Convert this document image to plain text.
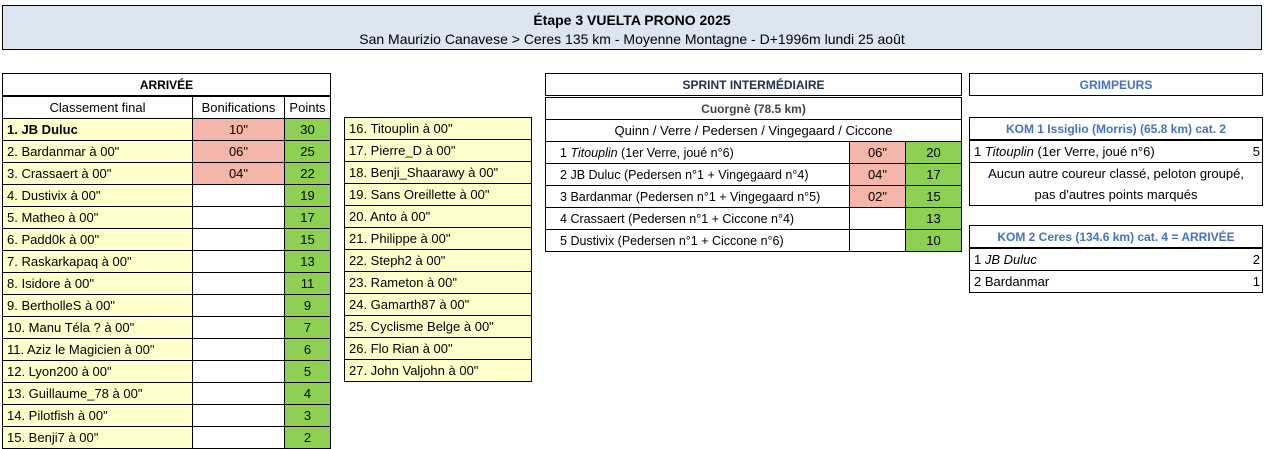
Étape 3 VUELTA PRONO 2025
San Maurizio Canavese > Ceres 135 km - Moyenne Montagne - D+1996m lundi 25 août
ARRIVÉE		
Classement final	Bonifications	Points
1. JB Duluc	10"	30
2. Bardanmar à 00"	06"	25
3. Crassaert à 00"	04"	22
4. Dustivix à 00"		19
5. Matheo à 00"		17
6. Padd0k à 00"		15
7. Raskarkapaq à 00"		13
8. Isidore à 00"		11
9. BertholleS à 00"		9
10. Manu Téla ? à 00"		7
11. Aziz le Magicien à 00"		6
12. Lyon200 à 00"		5
13. Guillaume_78 à 00"		4
14. Pilotfish à 00"		3
15. Benji7 à 00"		2
16. Titouplin à 00"
17. Pierre_D à 00"
18. Benji_Shaarawy à 00"
19. Sans Oreillette à 00"
20. Anto à 00"
21. Philippe à 00"
22. Steph2 à 00"
23. Rameton à 00"
24. Gamarth87 à 00"
25. Cyclisme Belge à 00"
26. Flo Rian à 00"
27. John Valjohn à 00"
SPRINT INTERMÉDIAIRE		

Cuorgnè (78.5 km)		
Quinn / Verre / Pedersen / Vingegaard / Ciccone		
1 Titouplin (1er Verre, joué n°6)	06"	20
2 JB Duluc (Pedersen n°1 + Vingegaard n°4)	04"	17
3 Bardanmar (Pedersen n°1 + Vingegaard n°5)	02"	15
4 Crassaert (Pedersen n°1 + Ciccone n°4)		13
5 Dustivix (Pedersen n°1 + Ciccone n°6)		10
GRIMPEURS
KOM 1 Issiglio (Morris) (65.8 km) cat. 2
1 Titouplin (1er Verre, joué n°6)	5
Aucun autre coureur classé, peloton groupé,
pas d'autres points marqués
KOM 2 Ceres (134.6 km) cat. 4 = ARRIVÉE	
1 JB Duluc	2
2 Bardanmar	1
